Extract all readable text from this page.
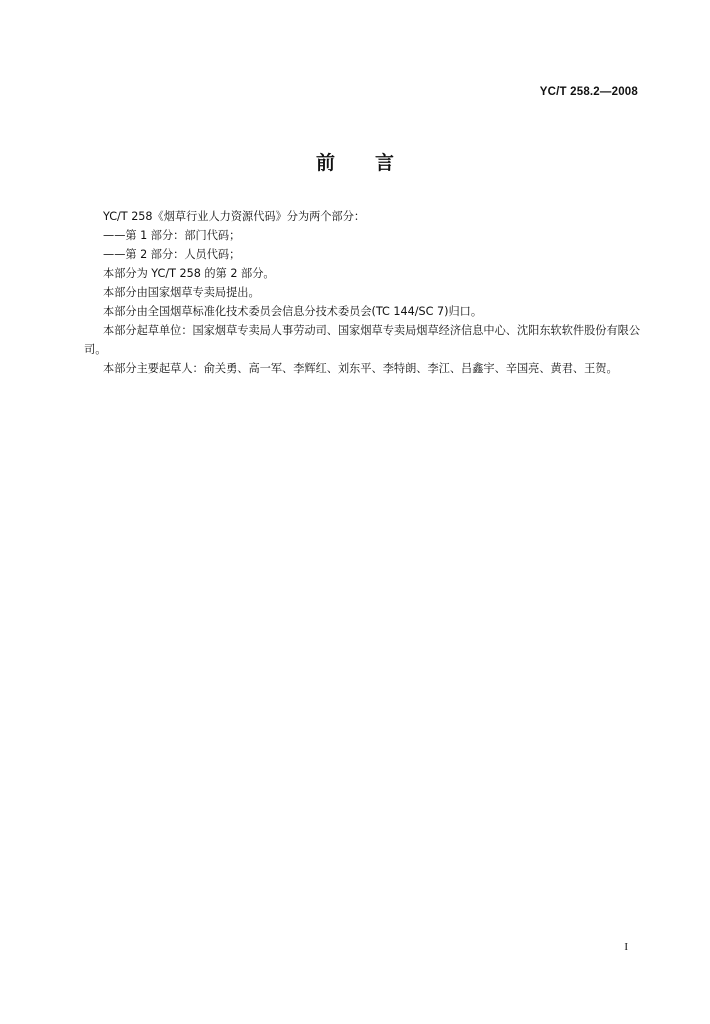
YC/T 258.2—2008
前言

YC/T 258《烟草行业人力资源代码》分为两个部分：

——第 1 部分：部门代码；

——第 2 部分：人员代码；

本部分为 YC/T 258 的第 2 部分。

本部分由国家烟草专卖局提出。

本部分由全国烟草标准化技术委员会信息分技术委员会(TC 144/SC 7)归口。

本部分起草单位：国家烟草专卖局人事劳动司、国家烟草专卖局烟草经济信息中心、沈阳东软软件股份有限公司。

本部分主要起草人：俞关勇、高一军、李辉红、刘东平、李特朗、李江、吕鑫宇、辛国亮、黄君、王贺。

I
